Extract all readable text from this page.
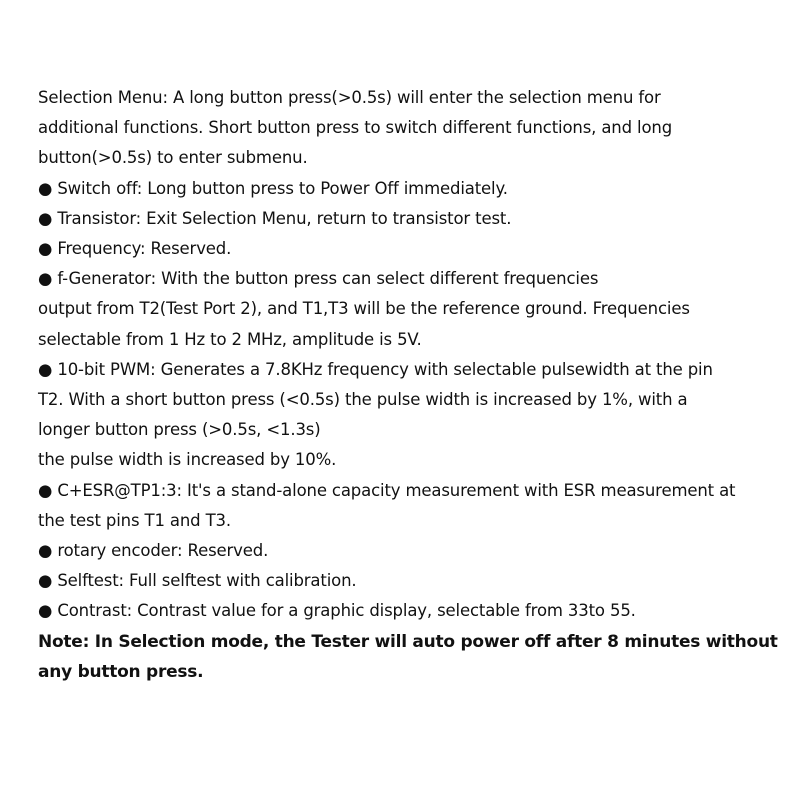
Selection Menu: A long button press(>0.5s) will enter the selection menu for
additional functions. Short button press to switch different functions, and long
button(>0.5s) to enter submenu.
● Switch off: Long button press to Power Off immediately.
● Transistor: Exit Selection Menu, return to transistor test.
● Frequency: Reserved.
● f-Generator: With the button press can select different frequencies
output from T2(Test Port 2), and T1,T3 will be the reference ground. Frequencies
selectable from 1 Hz to 2 MHz, amplitude is 5V.
● 10-bit PWM: Generates a 7.8KHz frequency with selectable pulsewidth at the pin
T2. With a short button press (<0.5s) the pulse width is increased by 1%, with a
longer button press (>0.5s, <1.3s)
the pulse width is increased by 10%.
● C+ESR@TP1:3: It's a stand-alone capacity measurement with ESR measurement at
the test pins T1 and T3.
● rotary encoder: Reserved.
● Selftest: Full selftest with calibration.
● Contrast: Contrast value for a graphic display, selectable from 33to 55.
Note: In Selection mode, the Tester will auto power off after 8 minutes without
any button press.
